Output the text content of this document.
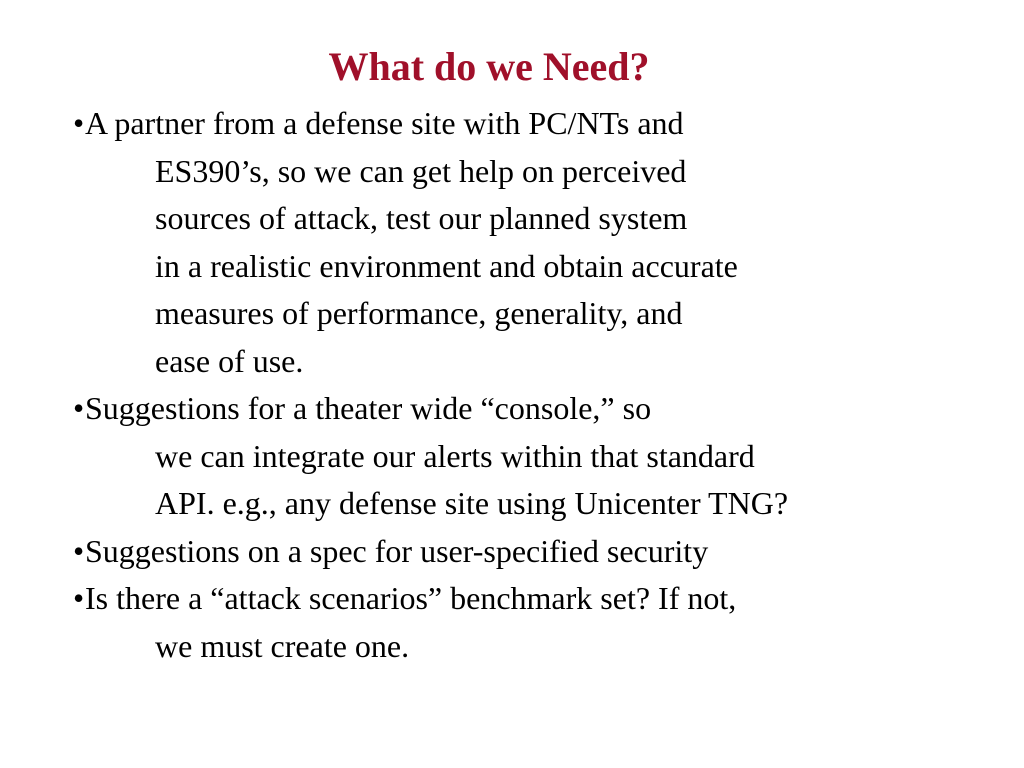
What do we Need?
•A partner from a defense site with PC/NTs and
ES390’s, so we can get help on perceived
sources of attack, test our planned system
in a realistic environment and obtain accurate
measures of performance, generality, and
ease of use.
•Suggestions for a theater wide “console,” so
we can integrate our alerts within that standard
API. e.g., any defense site using Unicenter TNG?
•Suggestions on a spec for user-specified security
•Is there a “attack scenarios” benchmark set? If not,
we must create one.
